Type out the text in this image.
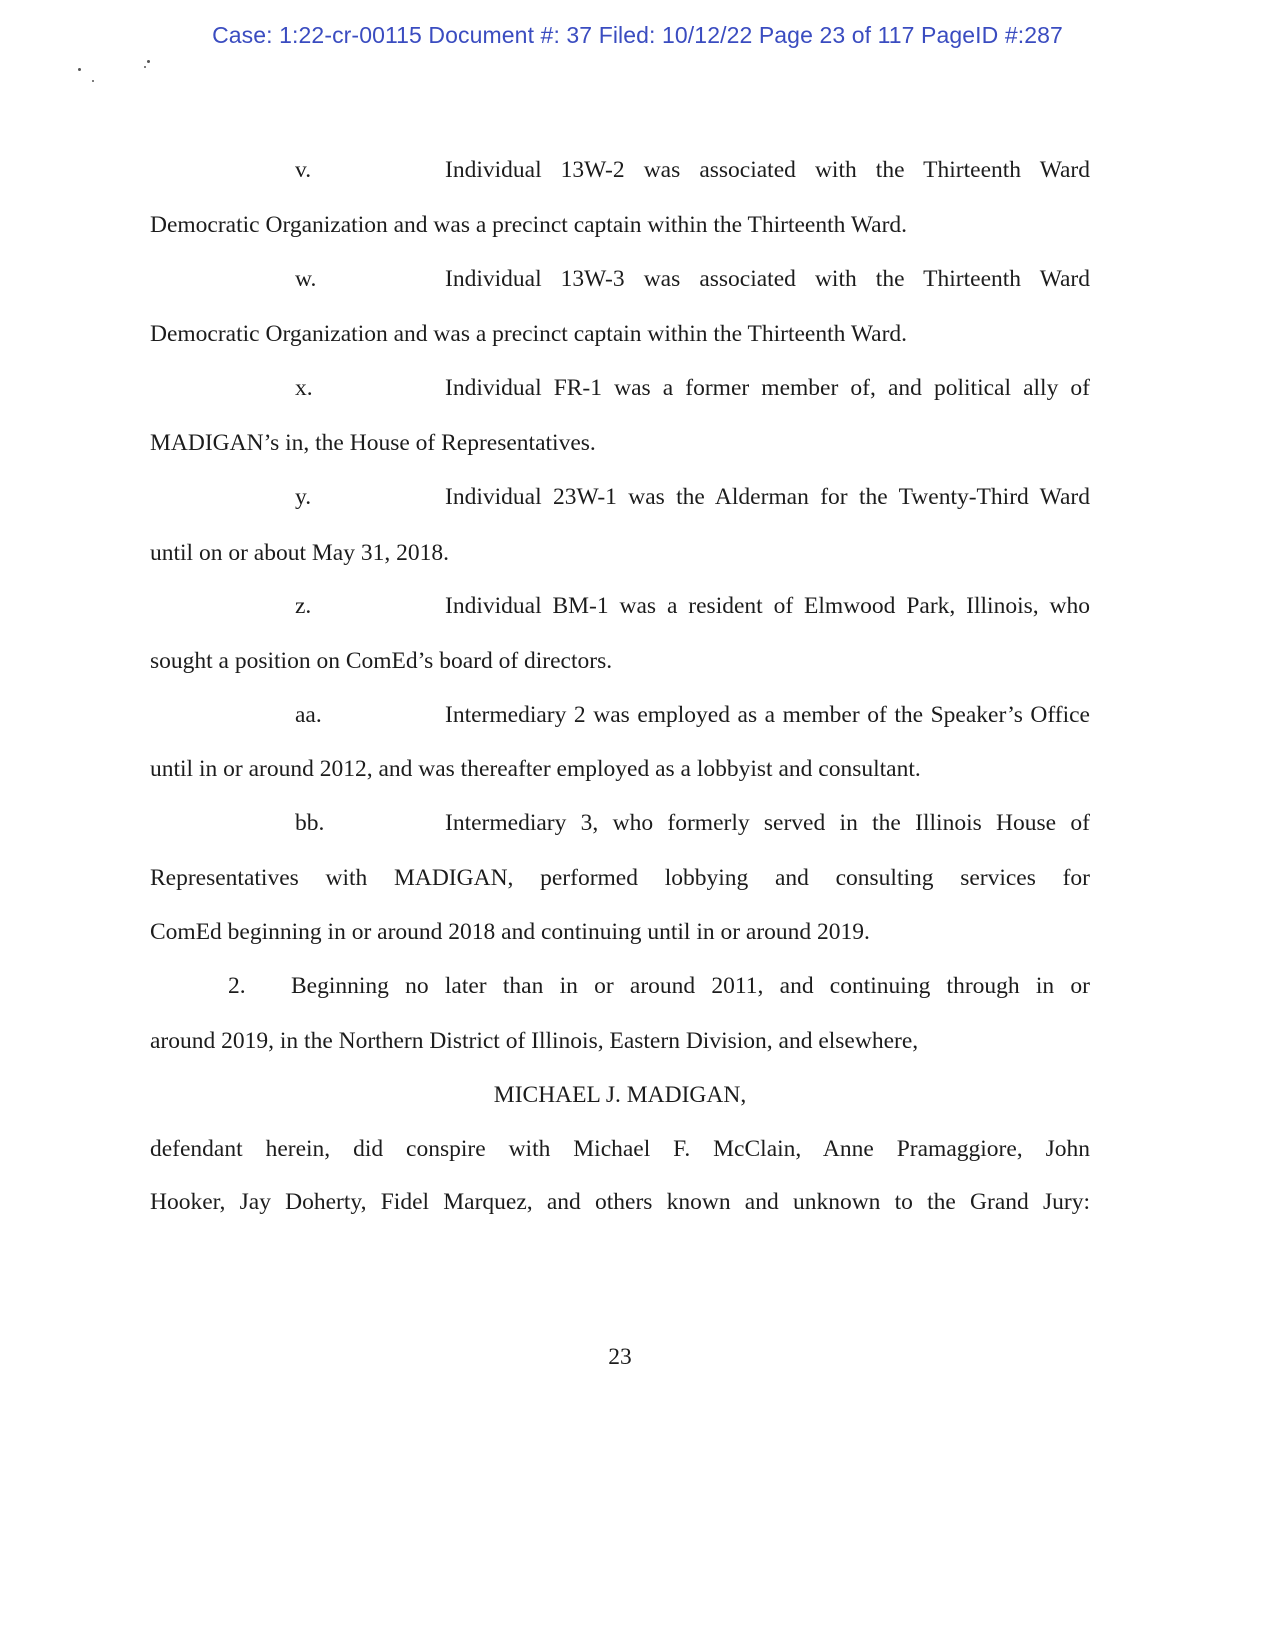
Case: 1:22-cr-00115 Document #: 37 Filed: 10/12/22 Page 23 of 117 PageID #:287
v.	Individual 13W-2 was associated with the Thirteenth Ward
Democratic Organization and was a precinct captain within the Thirteenth Ward.
w.	Individual 13W-3 was associated with the Thirteenth Ward
Democratic Organization and was a precinct captain within the Thirteenth Ward.
x.	Individual FR-1 was a former member of, and political ally of
MADIGAN’s in, the House of Representatives.
y.	Individual 23W-1 was the Alderman for the Twenty-Third Ward
until on or about May 31, 2018.
z.	Individual BM-1 was a resident of Elmwood Park, Illinois, who
sought a position on ComEd’s board of directors.
aa.	Intermediary 2 was employed as a member of the Speaker’s Office
until in or around 2012, and was thereafter employed as a lobbyist and consultant.
bb.	Intermediary 3, who formerly served in the Illinois House of
Representatives with MADIGAN, performed lobbying and consulting services for
ComEd beginning in or around 2018 and continuing until in or around 2019.
2.	Beginning no later than in or around 2011, and continuing through in or
around 2019, in the Northern District of Illinois, Eastern Division, and elsewhere,
MICHAEL J. MADIGAN,
defendant herein, did conspire with Michael F. McClain, Anne Pramaggiore, John
Hooker, Jay Doherty, Fidel Marquez, and others known and unknown to the Grand Jury:
23
